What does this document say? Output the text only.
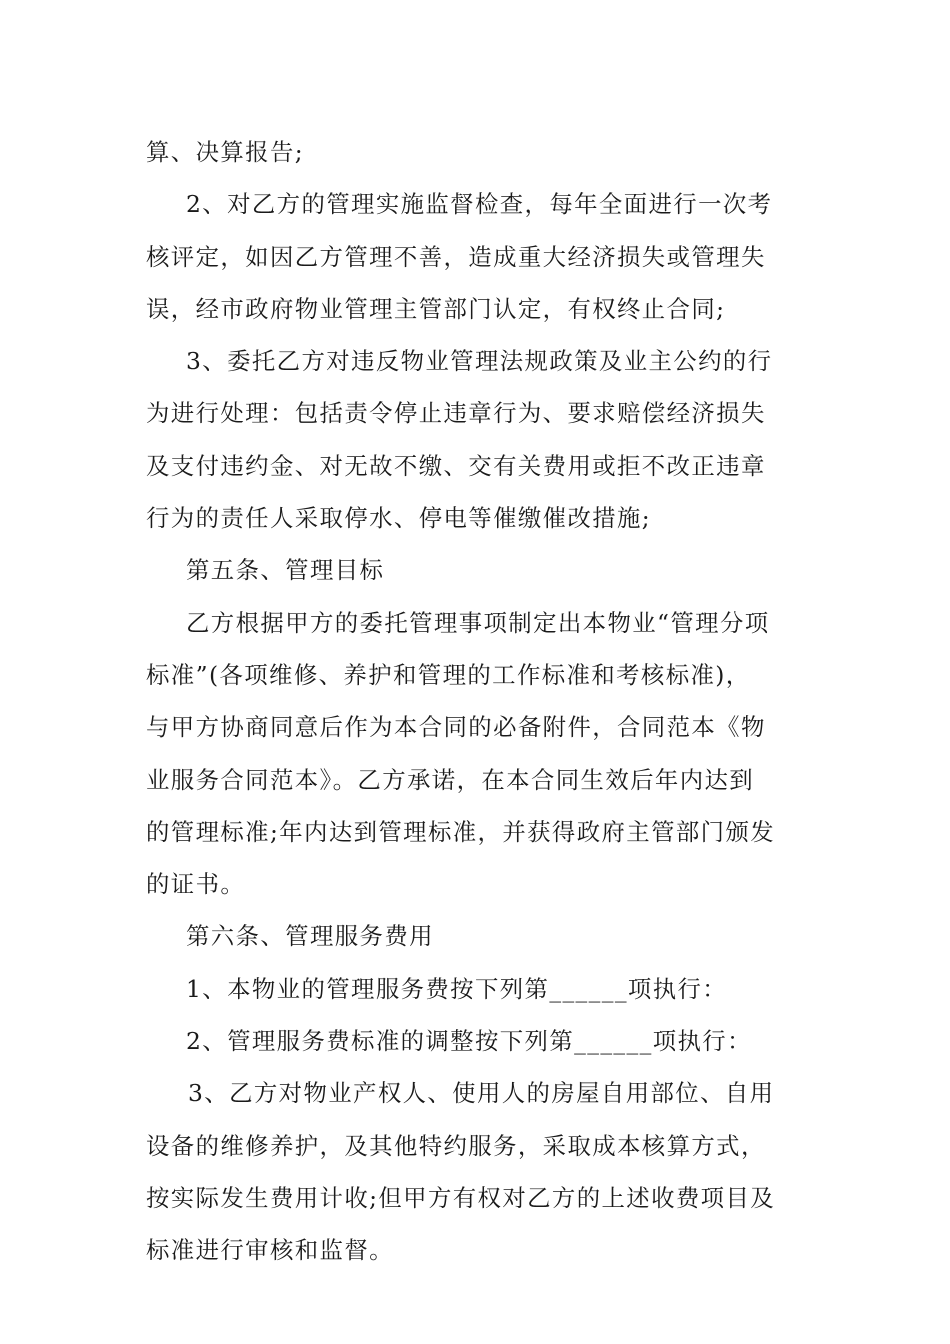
算、决算报告;
2、对乙方的管理实施监督检查，每年全面进行一次考
核评定，如因乙方管理不善，造成重大经济损失或管理失
误，经市政府物业管理主管部门认定，有权终止合同;
3、委托乙方对违反物业管理法规政策及业主公约的行
为进行处理：包括责令停止违章行为、要求赔偿经济损失
及支付违约金、对无故不缴、交有关费用或拒不改正违章
行为的责任人采取停水、停电等催缴催改措施;
第五条、管理目标
乙方根据甲方的委托管理事项制定出本物业“管理分项
标准”(各项维修、养护和管理的工作标准和考核标准)，
与甲方协商同意后作为本合同的必备附件，合同范本《物
业服务合同范本》。乙方承诺，在本合同生效后年内达到
的管理标准;年内达到管理标准，并获得政府主管部门颁发
的证书。
第六条、管理服务费用
1、本物业的管理服务费按下列第______项执行：
2、管理服务费标准的调整按下列第______项执行：
3、乙方对物业产权人、使用人的房屋自用部位、自用
设备的维修养护，及其他特约服务，采取成本核算方式，
按实际发生费用计收;但甲方有权对乙方的上述收费项目及
标准进行审核和监督。
